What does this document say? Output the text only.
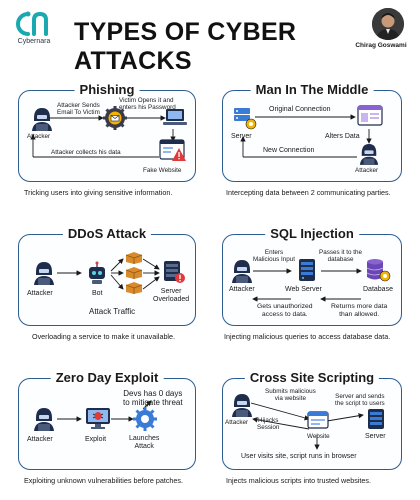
Cybernara TYPES OF CYBER ATTACKS
Chirag Goswami
Phishing
Attacker
Attacker Sends
Email To Victim
Victim Opens it and
enters his Password
Attacker collects his data
Fake Website
Tricking users into giving sensitive information.
Man In The Middle
Server
Original Connection
Alters Data
Attacker
New Connection
Intercepting data between 2 communicating parties.
DDoS Attack
Attacker	Bot	Server
Overloaded
Attack Traffic
Overloading a service to make it unavailable.
SQL Injection
Attacker
Enters
Malicious Input
Web Server
Passes it to the
database
Database
Gets unauthorized
access to data.
Returns more data
than allowed.
Injecting malicious queries to access database data.
Zero Day Exploit
Devs has 0 days
to mitigate threat
Attacker	Exploit	Launches
Attack
Exploiting unknown vulnerabilities before patches.
Cross Site Scripting
Submits malicious
via website	Server and sends
the script to users
Attacker Hijacks
Session
Website	Server
User visits site, script runs in browser
Injects malicious scripts into trusted websites.
